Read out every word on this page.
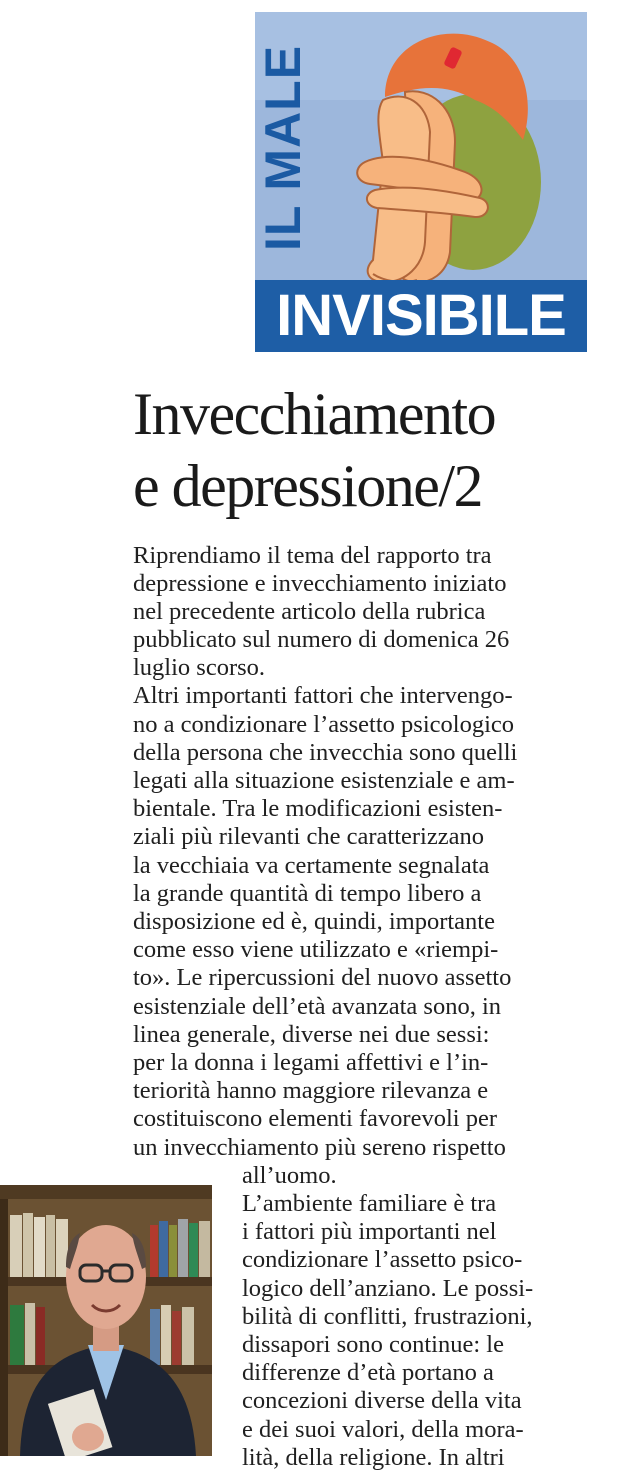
IL MALE
INVISIBILE
Invecchiamento
e depressione/2
Riprendiamo il tema del rapporto tra
depressione e invecchiamento iniziato
nel precedente articolo della rubrica
pubblicato sul numero di domenica 26
luglio scorso.
Altri importanti fattori che intervengo-
no a condizionare l’assetto psicologico
della persona che invecchia sono quelli
legati alla situazione esistenziale e am-
bientale. Tra le modificazioni esisten-
ziali più rilevanti che caratterizzano
la vecchiaia va certamente segnalata
la grande quantità di tempo libero a
disposizione ed è, quindi, importante
come esso viene utilizzato e «riempi-
to». Le ripercussioni del nuovo assetto
esistenziale dell’età avanzata sono, in
linea generale, diverse nei due sessi:
per la donna i legami affettivi e l’in-
teriorità hanno maggiore rilevanza e
costituiscono elementi favorevoli per
un invecchiamento più sereno rispetto
all’uomo.
L’ambiente familiare è tra
i fattori più importanti nel
condizionare l’assetto psico-
logico dell’anziano. Le possi-
bilità di conflitti, frustrazioni,
dissapori sono continue: le
differenze d’età portano a
concezioni diverse della vita
e dei suoi valori, della mora-
lità, della religione. In altri
